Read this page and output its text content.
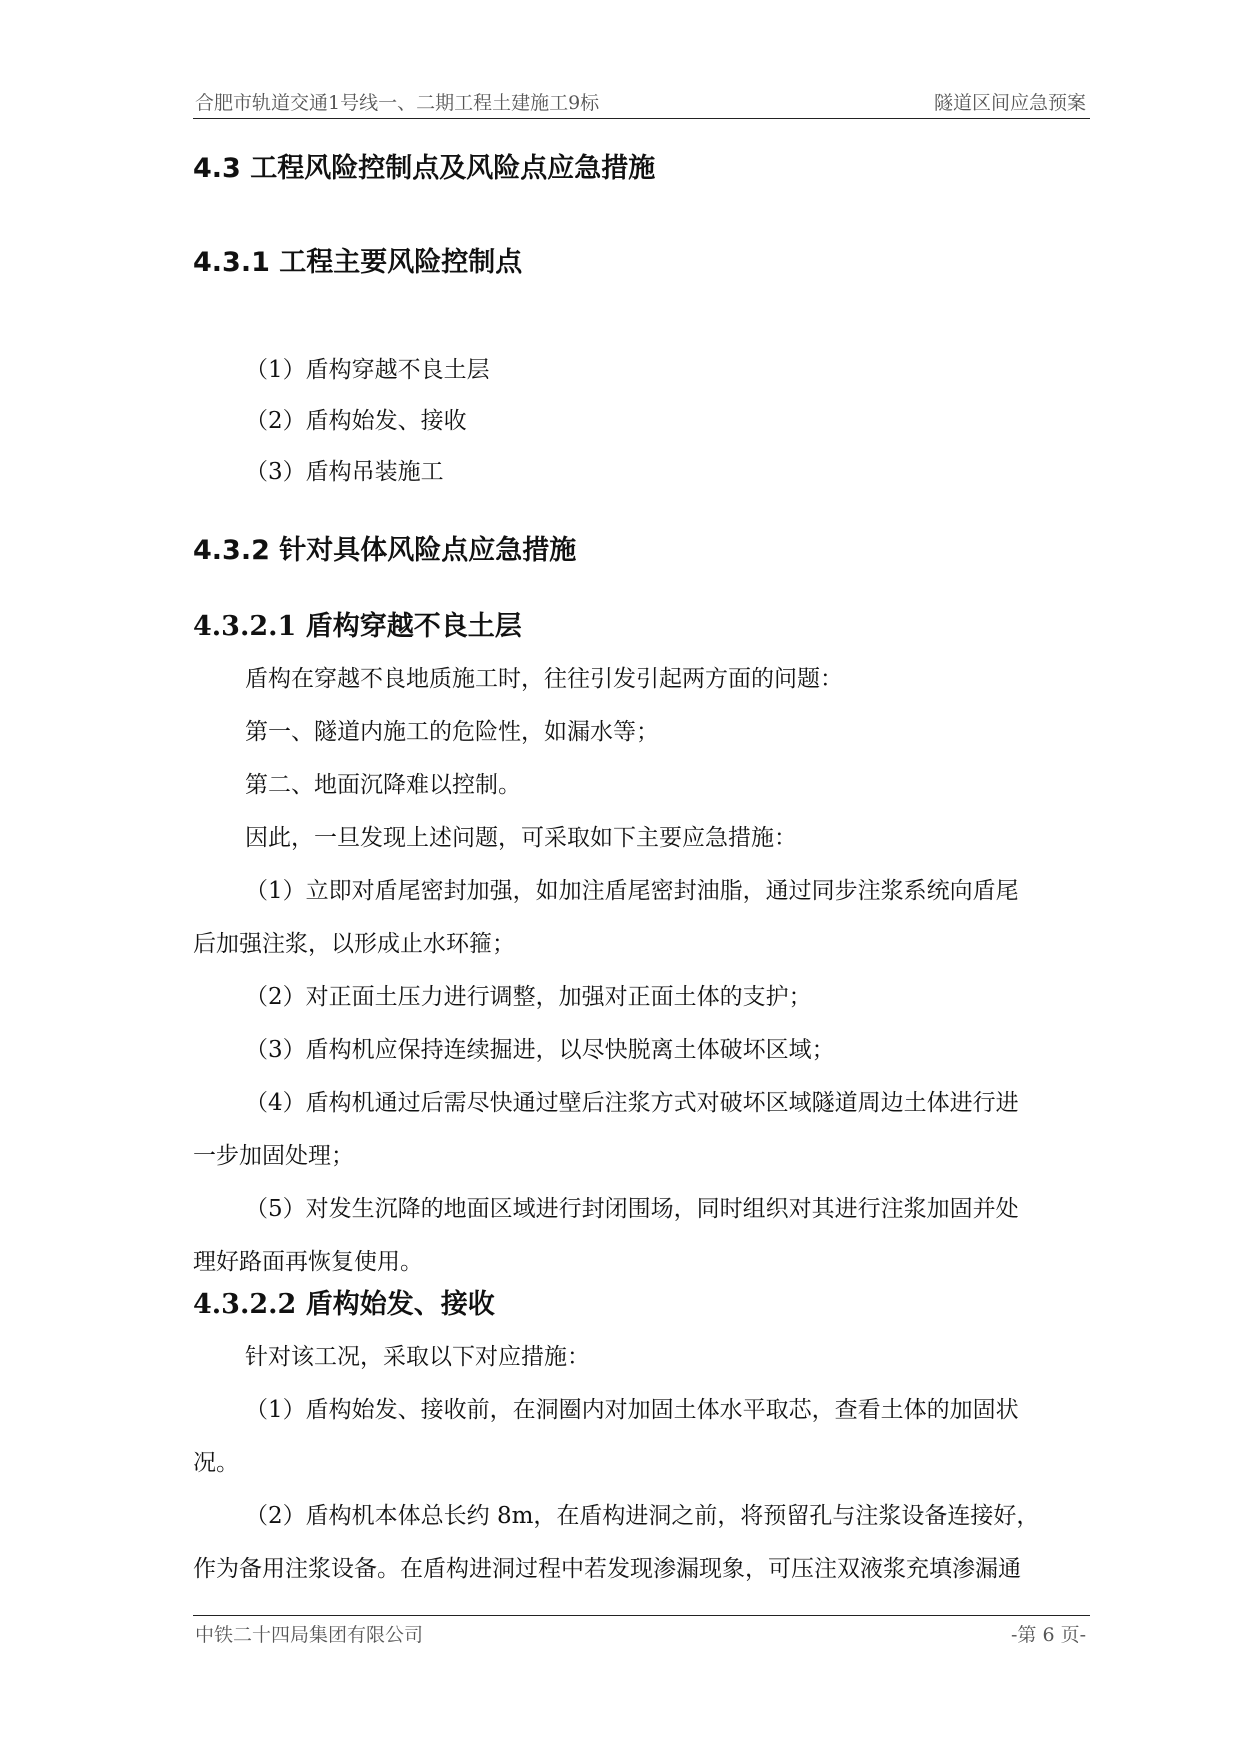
合肥市轨道交通1号线一、二期工程土建施工9标	隧道区间应急预案
4.3 工程风险控制点及风险点应急措施
4.3.1 工程主要风险控制点
（1）盾构穿越不良土层
（2）盾构始发、接收
（3）盾构吊装施工
4.3.2 针对具体风险点应急措施
4.3.2.1 盾构穿越不良土层
盾构在穿越不良地质施工时，往往引发引起两方面的问题：
第一、隧道内施工的危险性，如漏水等；
第二、地面沉降难以控制。
因此，一旦发现上述问题，可采取如下主要应急措施：
（1）立即对盾尾密封加强，如加注盾尾密封油脂，通过同步注浆系统向盾尾
后加强注浆，以形成止水环箍；
（2）对正面土压力进行调整，加强对正面土体的支护；
（3）盾构机应保持连续掘进，以尽快脱离土体破坏区域；
（4）盾构机通过后需尽快通过壁后注浆方式对破坏区域隧道周边土体进行进
一步加固处理；
（5）对发生沉降的地面区域进行封闭围场，同时组织对其进行注浆加固并处
理好路面再恢复使用。
4.3.2.2 盾构始发、接收
针对该工况，采取以下对应措施：
（1）盾构始发、接收前，在洞圈内对加固土体水平取芯，查看土体的加固状
况。
（2）盾构机本体总长约 8m，在盾构进洞之前，将预留孔与注浆设备连接好，
作为备用注浆设备。在盾构进洞过程中若发现渗漏现象，可压注双液浆充填渗漏通
中铁二十四局集团有限公司	-第 6 页-
